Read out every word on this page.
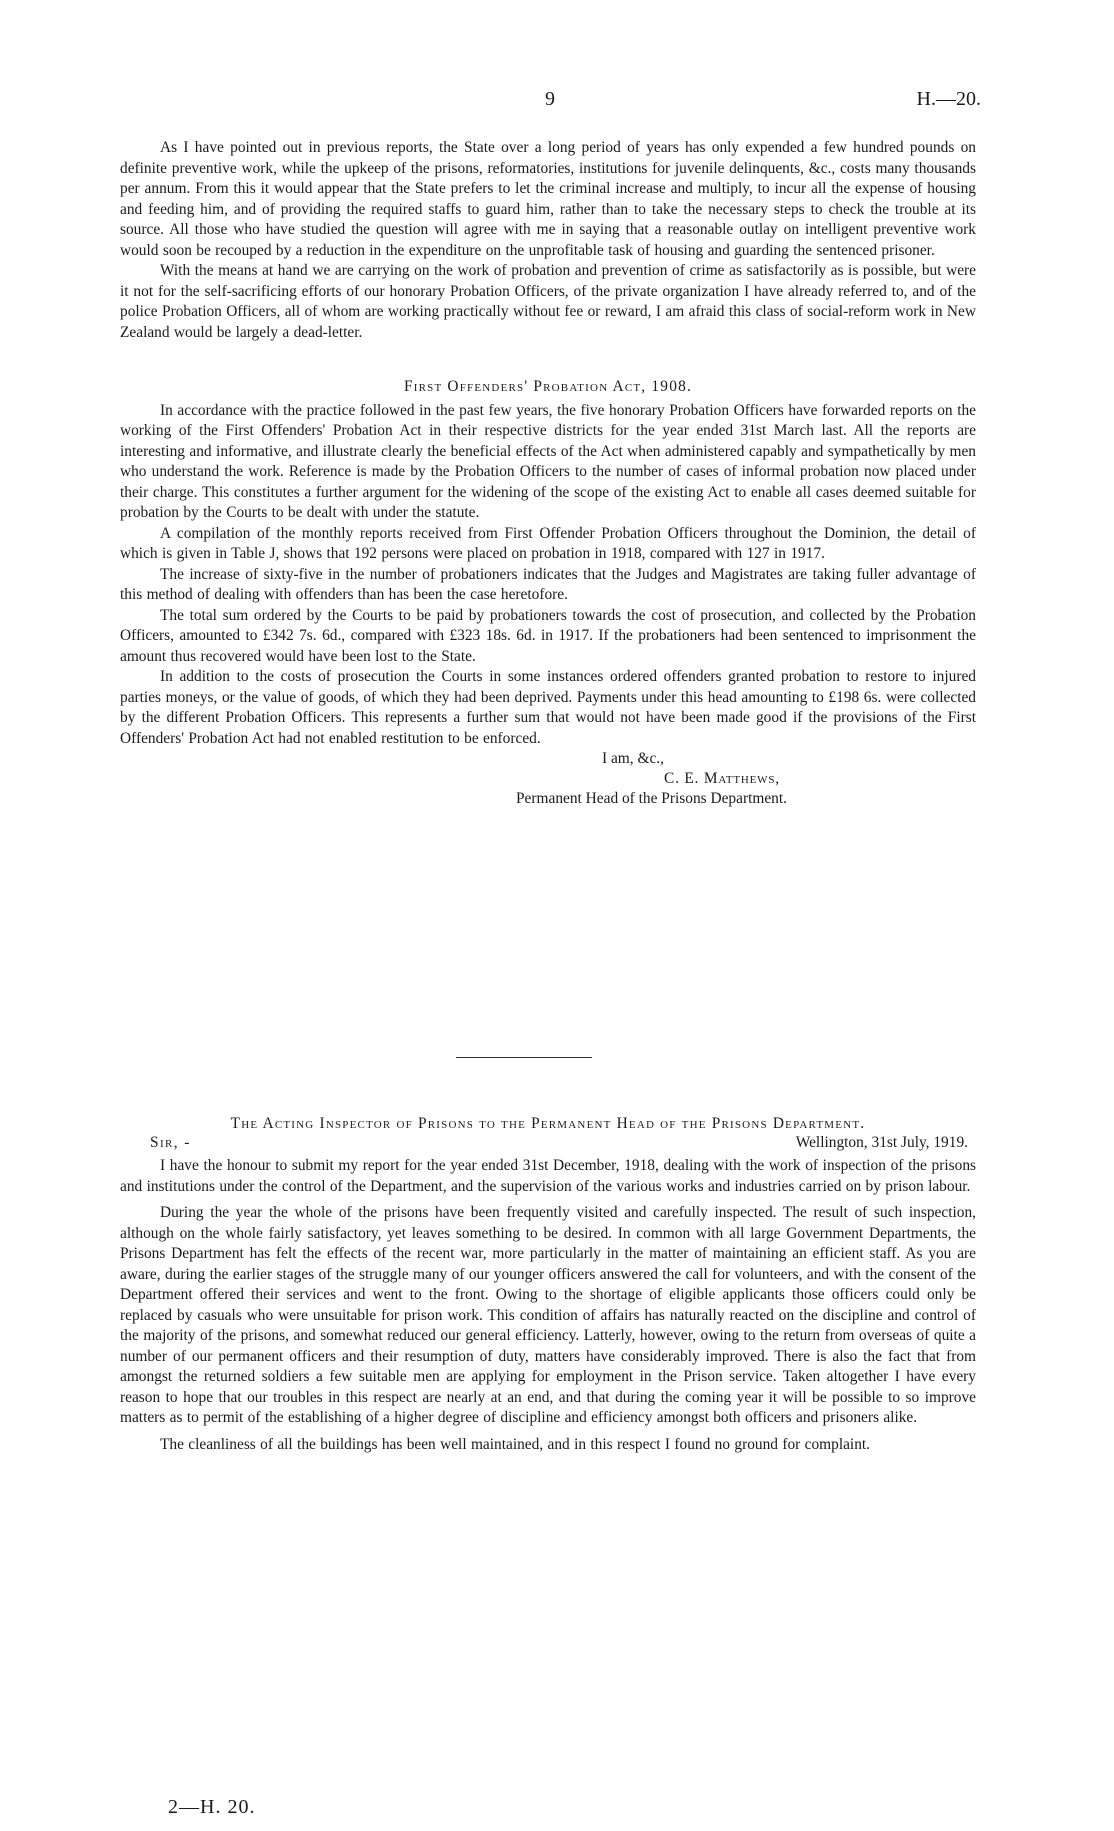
9	H.—20.

As I have pointed out in previous reports, the State over a long period of years has only expended a few hundred pounds on definite preventive work, while the upkeep of the prisons, reformatories, institutions for juvenile delinquents, &c., costs many thousands per annum. From this it would appear that the State prefers to let the criminal increase and multiply, to incur all the expense of housing and feeding him, and of providing the required staffs to guard him, rather than to take the necessary steps to check the trouble at its source. All those who have studied the question will agree with me in saying that a reasonable outlay on intelligent preventive work would soon be recouped by a reduction in the expenditure on the unprofitable task of housing and guarding the sentenced prisoner.

With the means at hand we are carrying on the work of probation and prevention of crime as satisfactorily as is possible, but were it not for the self-sacrificing efforts of our honorary Probation Officers, of the private organization I have already referred to, and of the police Probation Officers, all of whom are working practically without fee or reward, I am afraid this class of social-reform work in New Zealand would be largely a dead-letter.

First Offenders' Probation Act, 1908.

In accordance with the practice followed in the past few years, the five honorary Probation Officers have forwarded reports on the working of the First Offenders' Probation Act in their respective districts for the year ended 31st March last. All the reports are interesting and informative, and illustrate clearly the beneficial effects of the Act when administered capably and sympathetically by men who understand the work. Reference is made by the Probation Officers to the number of cases of informal probation now placed under their charge. This constitutes a further argument for the widening of the scope of the existing Act to enable all cases deemed suitable for probation by the Courts to be dealt with under the statute.

A compilation of the monthly reports received from First Offender Probation Officers throughout the Dominion, the detail of which is given in Table J, shows that 192 persons were placed on probation in 1918, compared with 127 in 1917.

The increase of sixty-five in the number of probationers indicates that the Judges and Magistrates are taking fuller advantage of this method of dealing with offenders than has been the case heretofore.

The total sum ordered by the Courts to be paid by probationers towards the cost of prosecution, and collected by the Probation Officers, amounted to £342 7s. 6d., compared with £323 18s. 6d. in 1917. If the probationers had been sentenced to imprisonment the amount thus recovered would have been lost to the State.

In addition to the costs of prosecution the Courts in some instances ordered offenders granted probation to restore to injured parties moneys, or the value of goods, of which they had been deprived. Payments under this head amounting to £198 6s. were collected by the different Probation Officers. This represents a further sum that would not have been made good if the provisions of the First Offenders' Probation Act had not enabled restitution to be enforced.

I am, &c.,
C. E. Matthews,
Permanent Head of the Prisons Department.
The Acting Inspector of Prisons to the Permanent Head of the Prisons Department.
Sir, -	Wellington, 31st July, 1919.

I have the honour to submit my report for the year ended 31st December, 1918, dealing with the work of inspection of the prisons and institutions under the control of the Department, and the supervision of the various works and industries carried on by prison labour.

During the year the whole of the prisons have been frequently visited and carefully inspected. The result of such inspection, although on the whole fairly satisfactory, yet leaves something to be desired. In common with all large Government Departments, the Prisons Department has felt the effects of the recent war, more particularly in the matter of maintaining an efficient staff. As you are aware, during the earlier stages of the struggle many of our younger officers answered the call for volunteers, and with the consent of the Department offered their services and went to the front. Owing to the shortage of eligible applicants those officers could only be replaced by casuals who were unsuitable for prison work. This condition of affairs has naturally reacted on the discipline and control of the majority of the prisons, and somewhat reduced our general efficiency. Latterly, however, owing to the return from overseas of quite a number of our permanent officers and their resumption of duty, matters have considerably improved. There is also the fact that from amongst the returned soldiers a few suitable men are applying for employment in the Prison service. Taken altogether I have every reason to hope that our troubles in this respect are nearly at an end, and that during the coming year it will be possible to so improve matters as to permit of the establishing of a higher degree of discipline and efficiency amongst both officers and prisoners alike.

The cleanliness of all the buildings has been well maintained, and in this respect I found no ground for complaint.

2—H. 20.
